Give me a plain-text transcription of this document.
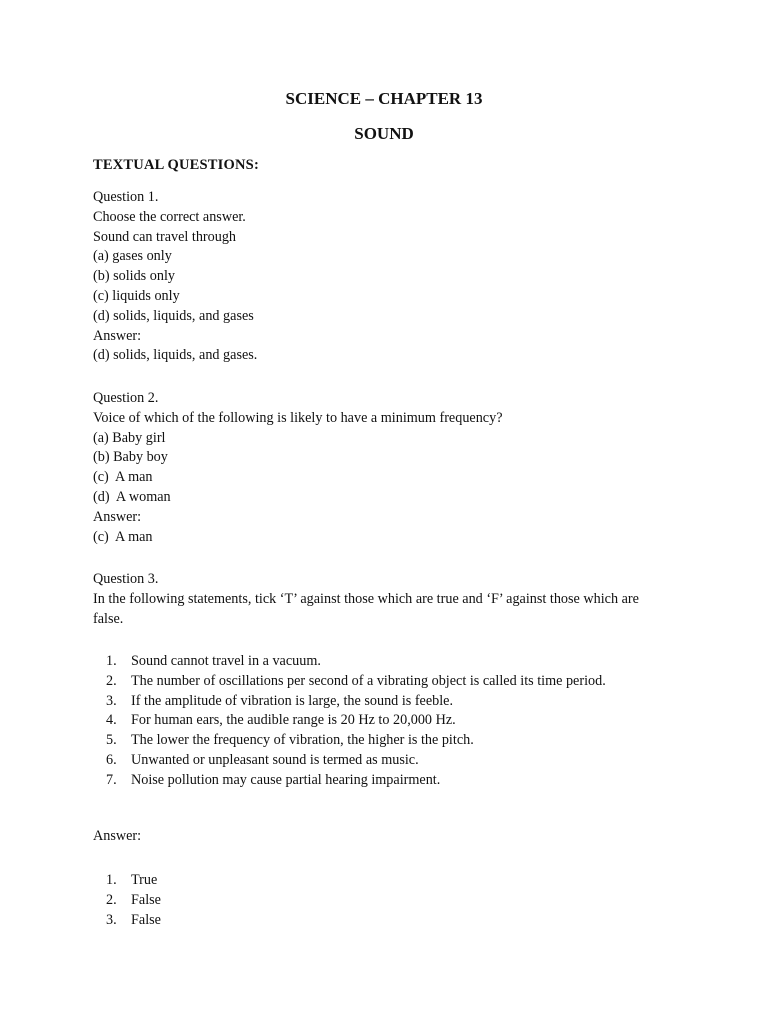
SCIENCE – CHAPTER 13
SOUND
TEXTUAL QUESTIONS:
Question 1.
Choose the correct answer.
Sound can travel through
(a) gases only
(b) solids only
(c) liquids only
(d) solids, liquids, and gases
Answer:
(d) solids, liquids, and gases.
Question 2.
Voice of which of the following is likely to have a minimum frequency?
(a) Baby girl
(b) Baby boy
(c)  A man
(d)  A woman
Answer:
(c)  A man
Question 3.
In the following statements, tick ‘T’ against those which are true and ‘F’ against those which are false.
1. Sound cannot travel in a vacuum.
2. The number of oscillations per second of a vibrating object is called its time period.
3. If the amplitude of vibration is large, the sound is feeble.
4. For human ears, the audible range is 20 Hz to 20,000 Hz.
5. The lower the frequency of vibration, the higher is the pitch.
6. Unwanted or unpleasant sound is termed as music.
7. Noise pollution may cause partial hearing impairment.
Answer:
1. True
2. False
3. False
